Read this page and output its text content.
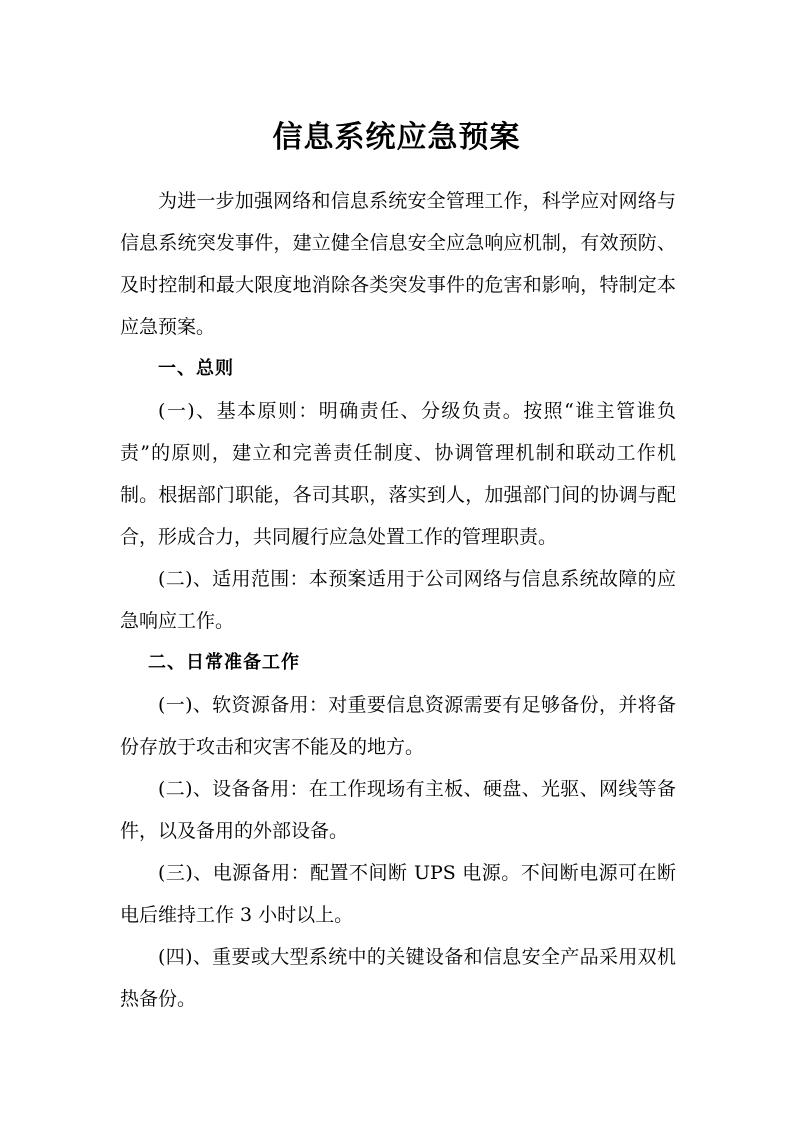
信息系统应急预案

为进一步加强网络和信息系统安全管理工作，科学应对网络与信息系统突发事件，建立健全信息安全应急响应机制，有效预防、及时控制和最大限度地消除各类突发事件的危害和影响，特制定本应急预案。

一、总则

(一)、基本原则：明确责任、分级负责。按照“谁主管谁负责”的原则，建立和完善责任制度、协调管理机制和联动工作机制。根据部门职能，各司其职，落实到人，加强部门间的协调与配合，形成合力，共同履行应急处置工作的管理职责。

(二)、适用范围：本预案适用于公司网络与信息系统故障的应急响应工作。

二、日常准备工作

(一)、软资源备用：对重要信息资源需要有足够备份，并将备份存放于攻击和灾害不能及的地方。

(二)、设备备用：在工作现场有主板、硬盘、光驱、网线等备件，以及备用的外部设备。

(三)、电源备用：配置不间断 UPS 电源。不间断电源可在断电后维持工作 3 小时以上。

(四)、重要或大型系统中的关键设备和信息安全产品采用双机热备份。
